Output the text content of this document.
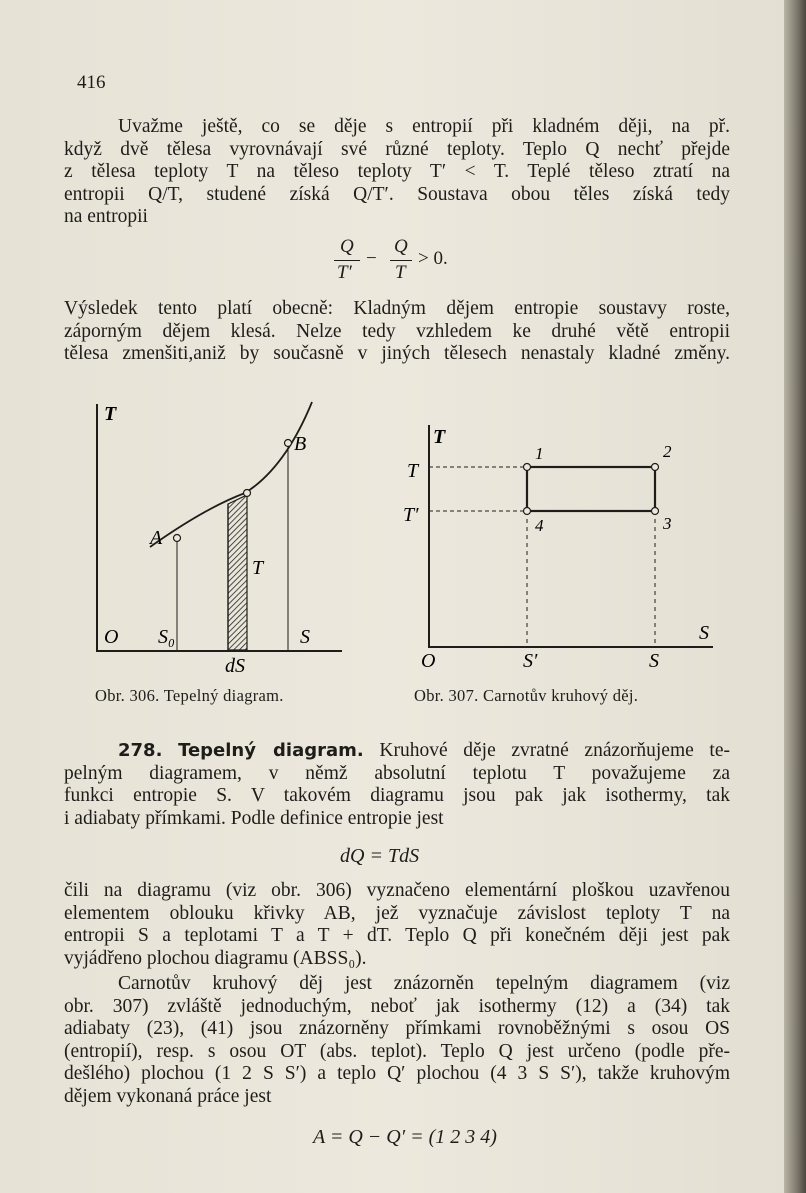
416
Uvažme ještě, co se děje s entropií při kladném ději, na př.
když dvě tělesa vyrovnávají své různé teploty. Teplo Q nechť přejde
z tělesa teploty T na těleso teploty T′ < T. Teplé těleso ztratí na
entropii Q/T, studené získá Q/T′. Soustava obou těles získá tedy
na entropii
Q
T′
−
Q
T
> 0.
Výsledek tento platí obecně: Kladným dějem entropie soustavy roste,
záporným dějem klesá. Nelze tedy vzhledem ke druhé větě entropii
tělesa zmenšiti,aniž by současně v jiných tělesech nenastaly kladné změny.
T
B
A
T
O S₀	S
dS
Obr. 306. Tepelný diagram.
T
T
T′
1	2
3
4
S
O	S′	S
Obr. 307. Carnotův kruhový děj.
278. Tepelný diagram. Kruhové děje zvratné znázorňujeme te-
pelným diagramem, v němž absolutní teplotu T považujeme za
funkci entropie S. V takovém diagramu jsou pak jak isothermy, tak
i adiabaty přímkami. Podle definice entropie jest
dQ = TdS
čili na diagramu (viz obr. 306) vyznačeno elementární ploškou uzavřenou
elementem oblouku křivky AB, jež vyznačuje závislost teploty T na
entropii S a teplotami T a T + dT. Teplo Q při konečném ději jest pak
vyjádřeno plochou diagramu (ABSS₀).
Carnotův kruhový děj jest znázorněn tepelným diagramem (viz
obr. 307) zvláště jednoduchým, neboť jak isothermy (12) a (34) tak
adiabaty (23), (41) jsou znázorněny přímkami rovnoběžnými s osou OS
(entropií), resp. s osou OT (abs. teplot). Teplo Q jest určeno (podle pře-
dešlého) plochou (1 2 S S′) a teplo Q′ plochou (4 3 S S′), takže kruhovým
dějem vykonaná práce jest
A = Q − Q′ = (1 2 3 4)
